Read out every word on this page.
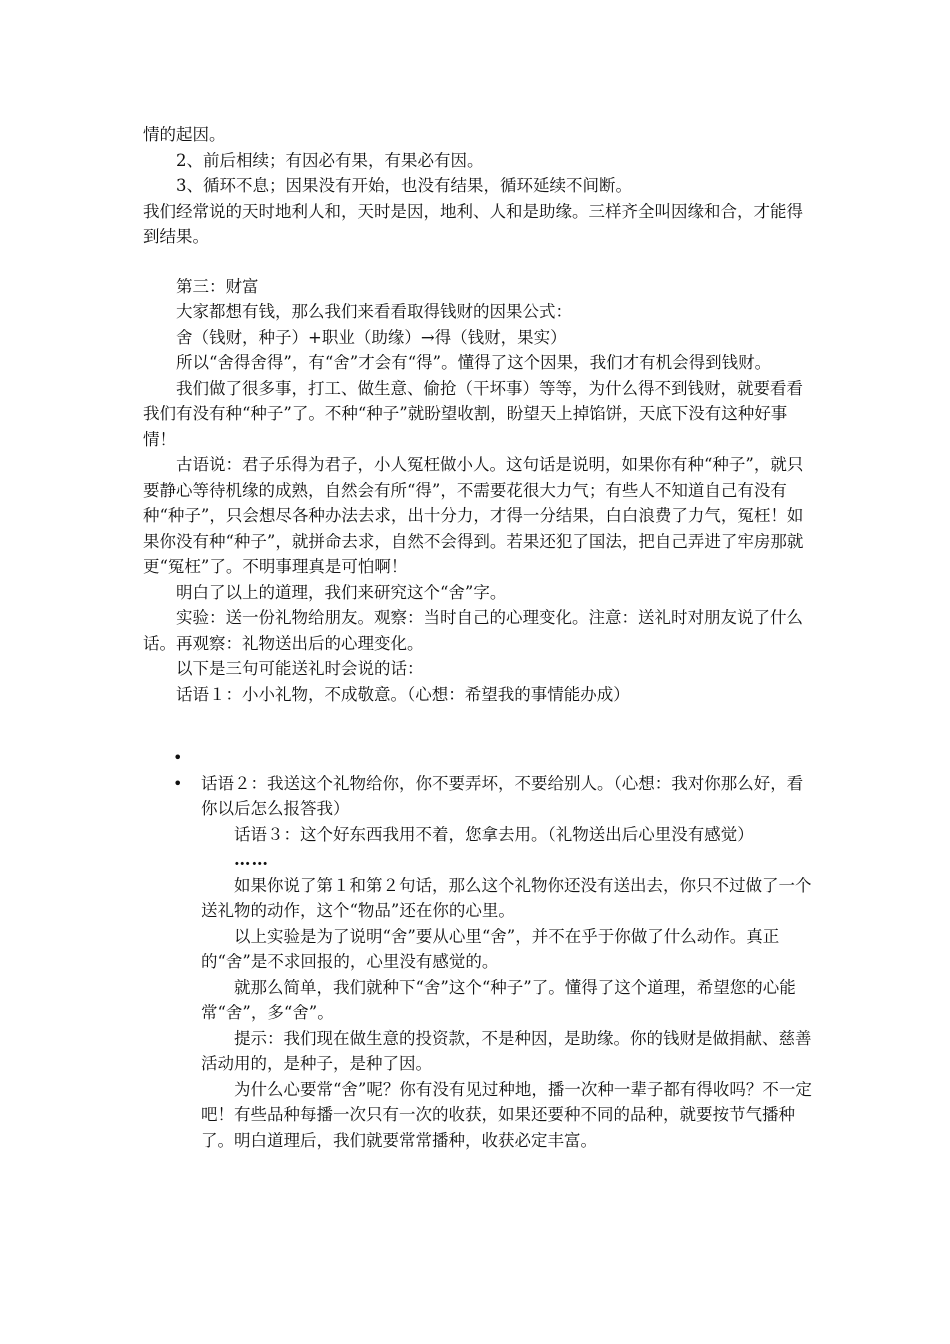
情的起因。

2、前后相续；有因必有果，有果必有因。

3、循环不息；因果没有开始，也没有结果，循环延续不间断。

我们经常说的天时地利人和，天时是因，地利、人和是助缘。三样齐全叫因缘和合，才能得到结果。

第三：财富

大家都想有钱，那么我们来看看取得钱财的因果公式：

舍（钱财，种子）+职业（助缘）→得（钱财，果实）

所以“舍得舍得”，有“舍”才会有“得”。懂得了这个因果，我们才有机会得到钱财。

我们做了很多事，打工、做生意、偷抢（干坏事）等等，为什么得不到钱财，就要看看我们有没有种“种子”了。不种“种子”就盼望收割，盼望天上掉馅饼，天底下没有这种好事情！

古语说：君子乐得为君子，小人冤枉做小人。这句话是说明，如果你有种“种子”，就只要静心等待机缘的成熟，自然会有所“得”，不需要花很大力气；有些人不知道自己有没有种“种子”，只会想尽各种办法去求，出十分力，才得一分结果，白白浪费了力气，冤枉！如果你没有种“种子”，就拼命去求，自然不会得到。若果还犯了国法，把自己弄进了牢房那就更“冤枉”了。不明事理真是可怕啊！

明白了以上的道理，我们来研究这个“舍”字。

实验：送一份礼物给朋友。观察：当时自己的心理变化。注意：送礼时对朋友说了什么话。再观察：礼物送出后的心理变化。

以下是三句可能送礼时会说的话：

话语１：小小礼物，不成敬意。（心想：希望我的事情能办成）

•

• 话语２：我送这个礼物给你，你不要弄坏，不要给别人。（心想：我对你那么好，看你以后怎么报答我）

话语３：这个好东西我用不着，您拿去用。（礼物送出后心里没有感觉）

……

如果你说了第１和第２句话，那么这个礼物你还没有送出去，你只不过做了一个送礼物的动作，这个“物品”还在你的心里。

以上实验是为了说明“舍”要从心里“舍”，并不在乎于你做了什么动作。真正的“舍”是不求回报的，心里没有感觉的。

就那么简单，我们就种下“舍”这个“种子”了。懂得了这个道理，希望您的心能常“舍”，多“舍”。

提示：我们现在做生意的投资款，不是种因，是助缘。你的钱财是做捐献、慈善活动用的，是种子，是种了因。

为什么心要常“舍”呢？你有没有见过种地，播一次种一辈子都有得收吗？不一定吧！有些品种每播一次只有一次的收获，如果还要种不同的品种，就要按节气播种了。明白道理后，我们就要常常播种，收获必定丰富。
